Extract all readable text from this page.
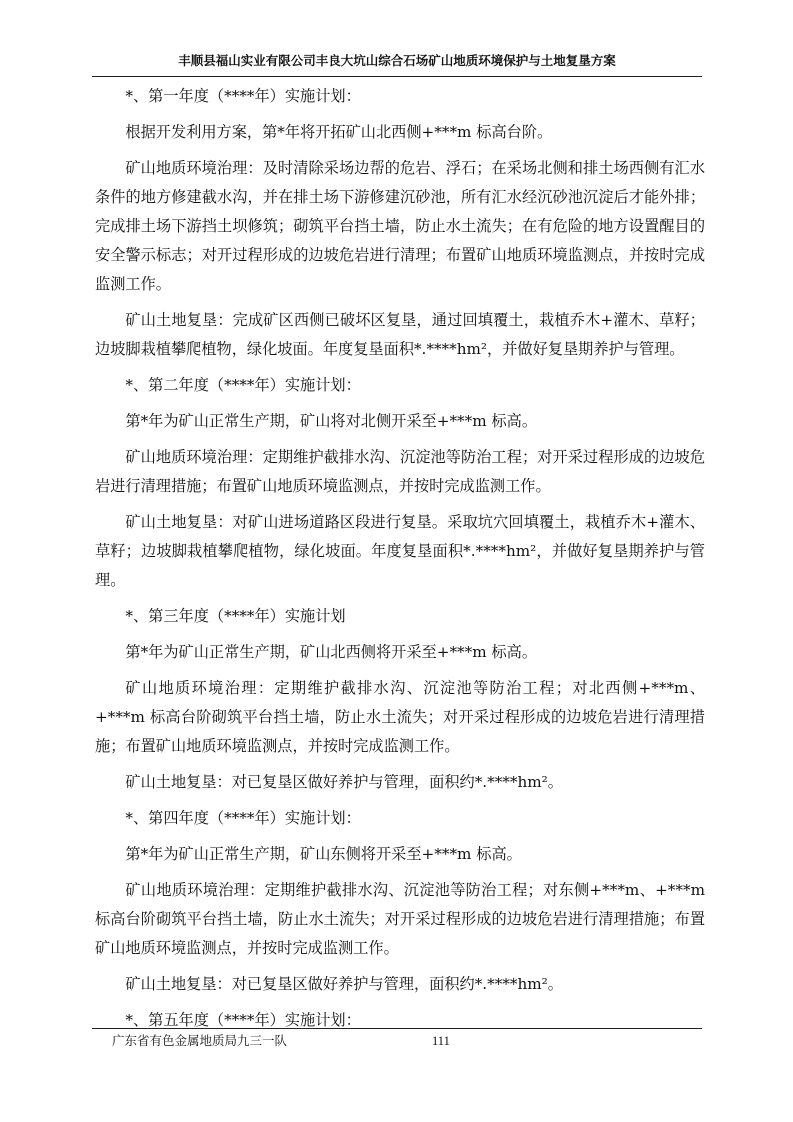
丰顺县福山实业有限公司丰良大坑山综合石场矿山地质环境保护与土地复垦方案

*、第一年度（****年）实施计划：

根据开发利用方案，第*年将开拓矿山北西侧+***m 标高台阶。

矿山地质环境治理：及时清除采场边帮的危岩、浮石；在采场北侧和排土场西侧有汇水条件的地方修建截水沟，并在排土场下游修建沉砂池，所有汇水经沉砂池沉淀后才能外排；完成排土场下游挡土坝修筑；砌筑平台挡土墙，防止水土流失；在有危险的地方设置醒目的安全警示标志；对开过程形成的边坡危岩进行清理；布置矿山地质环境监测点，并按时完成监测工作。

矿山土地复垦：完成矿区西侧已破坏区复垦，通过回填覆土，栽植乔木+灌木、草籽；边坡脚栽植攀爬植物，绿化坡面。年度复垦面积*.****hm²，并做好复垦期养护与管理。

*、第二年度（****年）实施计划：

第*年为矿山正常生产期，矿山将对北侧开采至+***m 标高。

矿山地质环境治理：定期维护截排水沟、沉淀池等防治工程；对开采过程形成的边坡危岩进行清理措施；布置矿山地质环境监测点，并按时完成监测工作。

矿山土地复垦：对矿山进场道路区段进行复垦。采取坑穴回填覆土，栽植乔木+灌木、草籽；边坡脚栽植攀爬植物，绿化坡面。年度复垦面积*.****hm²，并做好复垦期养护与管理。

*、第三年度（****年）实施计划

第*年为矿山正常生产期，矿山北西侧将开采至+***m 标高。

矿山地质环境治理：定期维护截排水沟、沉淀池等防治工程；对北西侧+***m、+***m 标高台阶砌筑平台挡土墙，防止水土流失；对开采过程形成的边坡危岩进行清理措施；布置矿山地质环境监测点，并按时完成监测工作。

矿山土地复垦：对已复垦区做好养护与管理，面积约*.****hm²。

*、第四年度（****年）实施计划：

第*年为矿山正常生产期，矿山东侧将开采至+***m 标高。

矿山地质环境治理：定期维护截排水沟、沉淀池等防治工程；对东侧+***m、+***m 标高台阶砌筑平台挡土墙，防止水土流失；对开采过程形成的边坡危岩进行清理措施；布置矿山地质环境监测点，并按时完成监测工作。

矿山土地复垦：对已复垦区做好养护与管理，面积约*.****hm²。

*、第五年度（****年）实施计划：

广东省有色金属地质局九三一队	111
